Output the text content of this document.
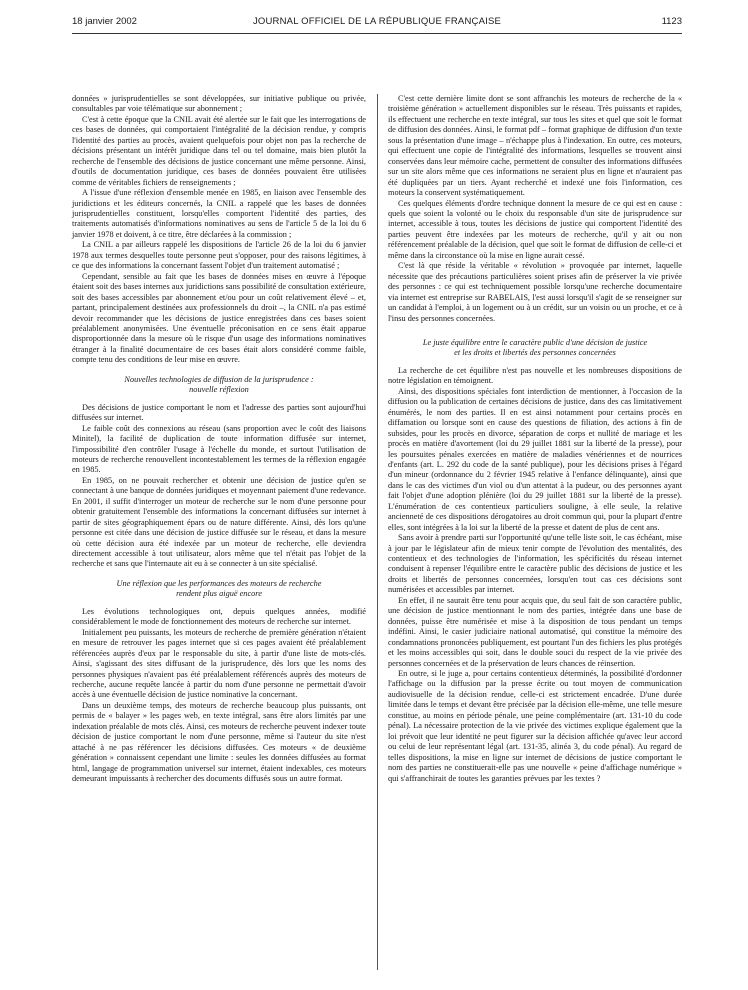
18 janvier 2002	JOURNAL OFFICIEL DE LA RÉPUBLIQUE FRANÇAISE	1123

données » jurisprudentielles se sont développées, sur initiative publique ou privée, consultables par voie télématique sur abonnement ;

C'est à cette époque que la CNIL avait été alertée sur le fait que les interrogations de ces bases de données, qui comportaient l'intégralité de la décision rendue, y compris l'identité des parties au procès, avaient quelquefois pour objet non pas la recherche de décisions présentant un intérêt juridique dans tel ou tel domaine, mais bien plutôt la recherche de l'ensemble des décisions de justice concernant une même personne. Ainsi, d'outils de documentation juridique, ces bases de données pouvaient être utilisées comme de véritables fichiers de renseignements ;

A l'issue d'une réflexion d'ensemble menée en 1985, en liaison avec l'ensemble des juridictions et les éditeurs concernés, la CNIL a rappelé que les bases de données jurisprudentielles constituent, lorsqu'elles comportent l'identité des parties, des traitements automatisés d'informations nominatives au sens de l'article 5 de la loi du 6 janvier 1978 et doivent, à ce titre, être déclarées à la commission ;

La CNIL a par ailleurs rappelé les dispositions de l'article 26 de la loi du 6 janvier 1978 aux termes desquelles toute personne peut s'opposer, pour des raisons légitimes, à ce que des informations la concernant fassent l'objet d'un traitement automatisé ;

Cependant, sensible au fait que les bases de données mises en œuvre à l'époque étaient soit des bases internes aux juridictions sans possibilité de consultation extérieure, soit des bases accessibles par abonnement et/ou pour un coût relativement élevé – et, partant, principalement destinées aux professionnels du droit –, la CNIL n'a pas estimé devoir recommander que les décisions de justice enregistrées dans ces bases soient préalablement anonymisées. Une éventuelle préconisation en ce sens était apparue disproportionnée dans la mesure où le risque d'un usage des informations nominatives étranger à la finalité documentaire de ces bases était alors considéré comme faible, compte tenu des conditions de leur mise en œuvre.

Nouvelles technologies de diffusion de la jurisprudence :
nouvelle réflexion

Des décisions de justice comportant le nom et l'adresse des parties sont aujourd'hui diffusées sur internet.

Le faible coût des connexions au réseau (sans proportion avec le coût des liaisons Minitel), la facilité de duplication de toute information diffusée sur internet, l'impossibilité d'en contrôler l'usage à l'échelle du monde, et surtout l'utilisation de moteurs de recherche renouvellent incontestablement les termes de la réflexion engagée en 1985.

En 1985, on ne pouvait rechercher et obtenir une décision de justice qu'en se connectant à une banque de données juridiques et moyennant paiement d'une redevance. En 2001, il suffit d'interroger un moteur de recherche sur le nom d'une personne pour obtenir gratuitement l'ensemble des informations la concernant diffusées sur internet à partir de sites géographiquement épars ou de nature différente. Ainsi, dès lors qu'une personne est citée dans une décision de justice diffusée sur le réseau, et dans la mesure où cette décision aura été indexée par un moteur de recherche, elle deviendra directement accessible à tout utilisateur, alors même que tel n'était pas l'objet de la recherche et sans que l'internaute ait eu à se connecter à un site spécialisé.

Une réflexion que les performances des moteurs de recherche
rendent plus aiguë encore

Les évolutions technologiques ont, depuis quelques années, modifié considérablement le mode de fonctionnement des moteurs de recherche sur internet.

Initialement peu puissants, les moteurs de recherche de première génération n'étaient en mesure de retrouver les pages internet que si ces pages avaient été préalablement référencées auprès d'eux par le responsable du site, à partir d'une liste de mots-clés. Ainsi, s'agissant des sites diffusant de la jurisprudence, dès lors que les noms des personnes physiques n'avaient pas été préalablement référencés auprès des moteurs de recherche, aucune requête lancée à partir du nom d'une personne ne permettait d'avoir accès à une éventuelle décision de justice nominative la concernant.

Dans un deuxième temps, des moteurs de recherche beaucoup plus puissants, ont permis de « balayer » les pages web, en texte intégral, sans être alors limités par une indexation préalable de mots clés. Ainsi, ces moteurs de recherche peuvent indexer toute décision de justice comportant le nom d'une personne, même si l'auteur du site n'est attaché à ne pas référencer les décisions diffusées. Ces moteurs « de deuxième génération » connaissent cependant une limite : seules les données diffusées au format html, langage de programmation universel sur internet, étaient indexables, ces moteurs demeurant impuissants à rechercher des documents diffusés sous un autre format.

C'est cette dernière limite dont se sont affranchis les moteurs de recherche de la « troisième génération » actuellement disponibles sur le réseau. Très puissants et rapides, ils effectuent une recherche en texte intégral, sur tous les sites et quel que soit le format de diffusion des données. Ainsi, le format pdf – format graphique de diffusion d'un texte sous la présentation d'une image – n'échappe plus à l'indexation. En outre, ces moteurs, qui effectuent une copie de l'intégralité des informations, lesquelles se trouvent ainsi conservées dans leur mémoire cache, permettent de consulter des informations diffusées sur un site alors même que ces informations ne seraient plus en ligne et n'auraient pas été dupliquées par un tiers. Ayant recherché et indexé une fois l'information, ces moteurs la conservent systématiquement.

Ces quelques éléments d'ordre technique donnent la mesure de ce qui est en cause : quels que soient la volonté ou le choix du responsable d'un site de jurisprudence sur internet, accessible à tous, toutes les décisions de justice qui comportent l'identité des parties peuvent être indexées par les moteurs de recherche, qu'il y ait ou non référencement préalable de la décision, quel que soit le format de diffusion de celle-ci et même dans la circonstance où la mise en ligne aurait cessé.

C'est là que réside la véritable « révolution » provoquée par internet, laquelle nécessite que des précautions particulières soient prises afin de préserver la vie privée des personnes : ce qui est techniquement possible lorsqu'une recherche documentaire via internet est entreprise sur RABELAIS, l'est aussi lorsqu'il s'agit de se renseigner sur un candidat à l'emploi, à un logement ou à un crédit, sur un voisin ou un proche, et ce à l'insu des personnes concernées.

Le juste équilibre entre le caractère public d'une décision de justice
et les droits et libertés des personnes concernées

La recherche de cet équilibre n'est pas nouvelle et les nombreuses dispositions de notre législation en témoignent.

Ainsi, des dispositions spéciales font interdiction de mentionner, à l'occasion de la diffusion ou la publication de certaines décisions de justice, dans des cas limitativement énumérés, le nom des parties. Il en est ainsi notamment pour certains procès en diffamation ou lorsque sont en cause des questions de filiation, des actions à fin de subsides, pour les procès en divorce, séparation de corps et nullité de mariage et les procès en matière d'avortement (loi du 29 juillet 1881 sur la liberté de la presse), pour les poursuites pénales exercées en matière de maladies vénériennes et de nourrices d'enfants (art. L. 292 du code de la santé publique), pour les décisions prises à l'égard d'un mineur (ordonnance du 2 février 1945 relative à l'enfance délinquante), ainsi que dans le cas des victimes d'un viol ou d'un attentat à la pudeur, ou des personnes ayant fait l'objet d'une adoption plénière (loi du 29 juillet 1881 sur la liberté de la presse). L'énumération de ces contentieux particuliers souligne, à elle seule, la relative ancienneté de ces dispositions dérogatoires au droit commun qui, pour la plupart d'entre elles, sont intégrées à la loi sur la liberté de la presse et datent de plus de cent ans.

Sans avoir à prendre parti sur l'opportunité qu'une telle liste soit, le cas échéant, mise à jour par le législateur afin de mieux tenir compte de l'évolution des mentalités, des contentieux et des technologies de l'information, les spécificités du réseau internet conduisent à repenser l'équilibre entre le caractère public des décisions de justice et les droits et libertés de personnes concernées, lorsqu'en tout cas ces décisions sont numérisées et accessibles par internet.

En effet, il ne saurait être tenu pour acquis que, du seul fait de son caractère public, une décision de justice mentionnant le nom des parties, intégrée dans une base de données, puisse être numérisée et mise à la disposition de tous pendant un temps indéfini. Ainsi, le casier judiciaire national automatisé, qui constitue la mémoire des condamnations prononcées publiquement, est pourtant l'un des fichiers les plus protégés et les moins accessibles qui soit, dans le double souci du respect de la vie privée des personnes concernées et de la préservation de leurs chances de réinsertion.

En outre, si le juge a, pour certains contentieux déterminés, la possibilité d'ordonner l'affichage ou la diffusion par la presse écrite ou tout moyen de communication audiovisuelle de la décision rendue, celle-ci est strictement encadrée. D'une durée limitée dans le temps et devant être précisée par la décision elle-même, une telle mesure constitue, au moins en période pénale, une peine complémentaire (art. 131-10 du code pénal). La nécessaire protection de la vie privée des victimes explique également que la loi prévoit que leur identité ne peut figurer sur la décision affichée qu'avec leur accord ou celui de leur représentant légal (art. 131-35, alinéa 3, du code pénal). Au regard de telles dispositions, la mise en ligne sur internet de décisions de justice comportant le nom des parties ne constituerait-elle pas une nouvelle « peine d'affichage numérique » qui s'affranchirait de toutes les garanties prévues par les textes ?
